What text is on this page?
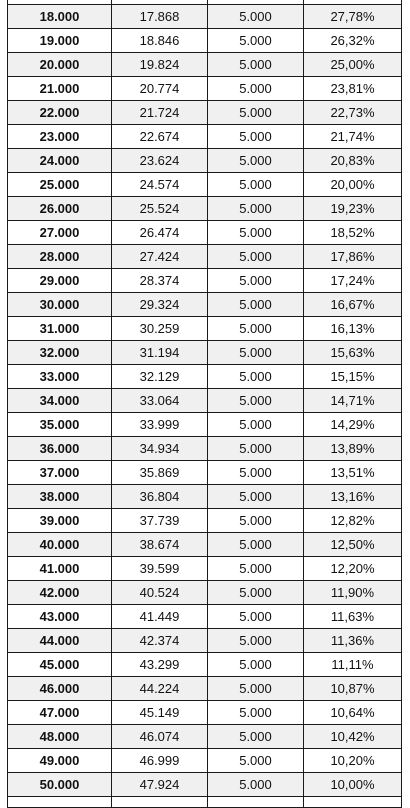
18.000	17.868	5.000	27,78%
19.000	18.846	5.000	26,32%
20.000	19.824	5.000	25,00%
21.000	20.774	5.000	23,81%
22.000	21.724	5.000	22,73%
23.000	22.674	5.000	21,74%
24.000	23.624	5.000	20,83%
25.000	24.574	5.000	20,00%
26.000	25.524	5.000	19,23%
27.000	26.474	5.000	18,52%
28.000	27.424	5.000	17,86%
29.000	28.374	5.000	17,24%
30.000	29.324	5.000	16,67%
31.000	30.259	5.000	16,13%
32.000	31.194	5.000	15,63%
33.000	32.129	5.000	15,15%
34.000	33.064	5.000	14,71%
35.000	33.999	5.000	14,29%
36.000	34.934	5.000	13,89%
37.000	35.869	5.000	13,51%
38.000	36.804	5.000	13,16%
39.000	37.739	5.000	12,82%
40.000	38.674	5.000	12,50%
41.000	39.599	5.000	12,20%
42.000	40.524	5.000	11,90%
43.000	41.449	5.000	11,63%
44.000	42.374	5.000	11,36%
45.000	43.299	5.000	11,11%
46.000	44.224	5.000	10,87%
47.000	45.149	5.000	10,64%
48.000	46.074	5.000	10,42%
49.000	46.999	5.000	10,20%
50.000	47.924	5.000	10,00%
